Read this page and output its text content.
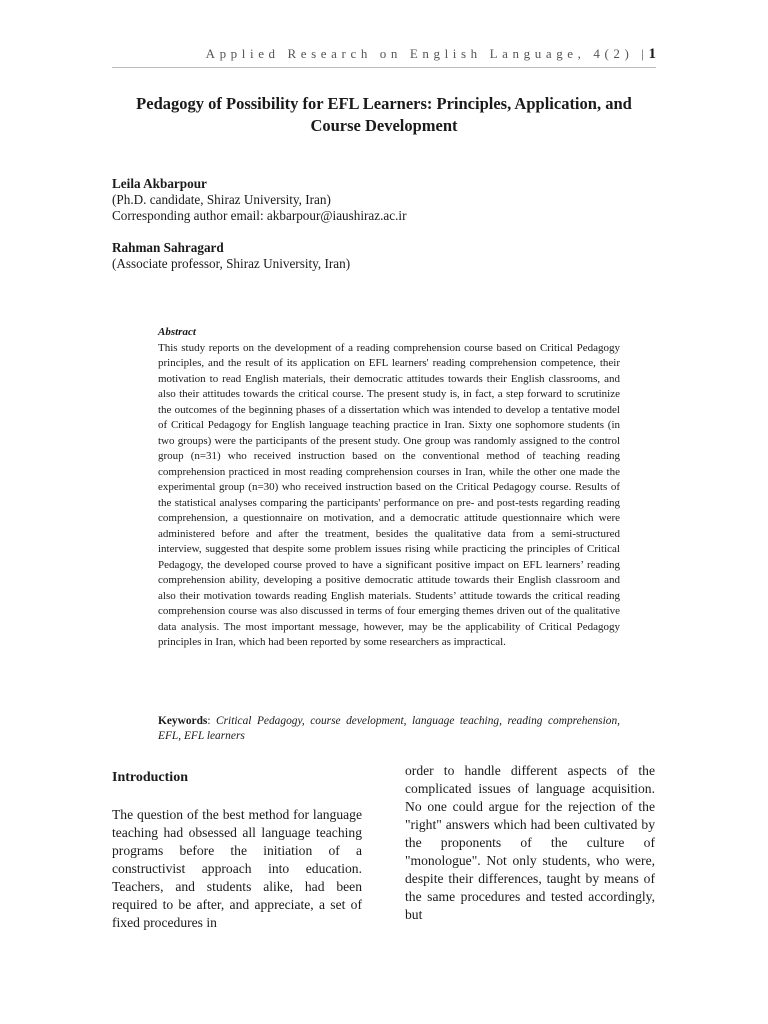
Applied Research on English Language, 4(2) |1
Pedagogy of Possibility for EFL Learners: Principles, Application, and
Course Development
Leila Akbarpour
(Ph.D. candidate, Shiraz University, Iran)
Corresponding author email: akbarpour@iaushiraz.ac.ir
Rahman Sahragard
(Associate professor, Shiraz University, Iran)
Abstract

This study reports on the development of a reading comprehension course based on Critical Pedagogy principles, and the result of its application on EFL learners' reading comprehension competence, their motivation to read English materials, their democratic attitudes towards their English classrooms, and also their attitudes towards the critical course. The present study is, in fact, a step forward to scrutinize the outcomes of the beginning phases of a dissertation which was intended to develop a tentative model of Critical Pedagogy for English language teaching practice in Iran. Sixty one sophomore students (in two groups) were the participants of the present study. One group was randomly assigned to the control group (n=31) who received instruction based on the conventional method of teaching reading comprehension practiced in most reading comprehension courses in Iran, while the other one made the experimental group (n=30) who received instruction based on the Critical Pedagogy course. Results of the statistical analyses comparing the participants' performance on pre- and post-tests regarding reading comprehension, a questionnaire on motivation, and a democratic attitude questionnaire which were administered before and after the treatment, besides the qualitative data from a semi-structured interview, suggested that despite some problem issues rising while practicing the principles of Critical Pedagogy, the developed course proved to have a significant positive impact on EFL learners’ reading comprehension ability, developing a positive democratic attitude towards their English classroom and also their motivation towards reading English materials. Students’ attitude towards the critical reading comprehension course was also discussed in terms of four emerging themes driven out of the qualitative data analysis. The most important message, however, may be the applicability of Critical Pedagogy principles in Iran, which had been reported by some researchers as impractical.

Keywords: Critical Pedagogy, course development, language teaching, reading comprehension, EFL, EFL learners
Introduction

The question of the best method for language teaching had obsessed all language teaching programs before the initiation of a constructivist approach into education. Teachers, and students alike, had been required to be after, and appreciate, a set of fixed procedures in

order to handle different aspects of the complicated issues of language acquisition. No one could argue for the rejection of the "right" answers which had been cultivated by the proponents of the culture of "monologue". Not only students, who were, despite their differences, taught by means of the same procedures and tested accordingly, but
